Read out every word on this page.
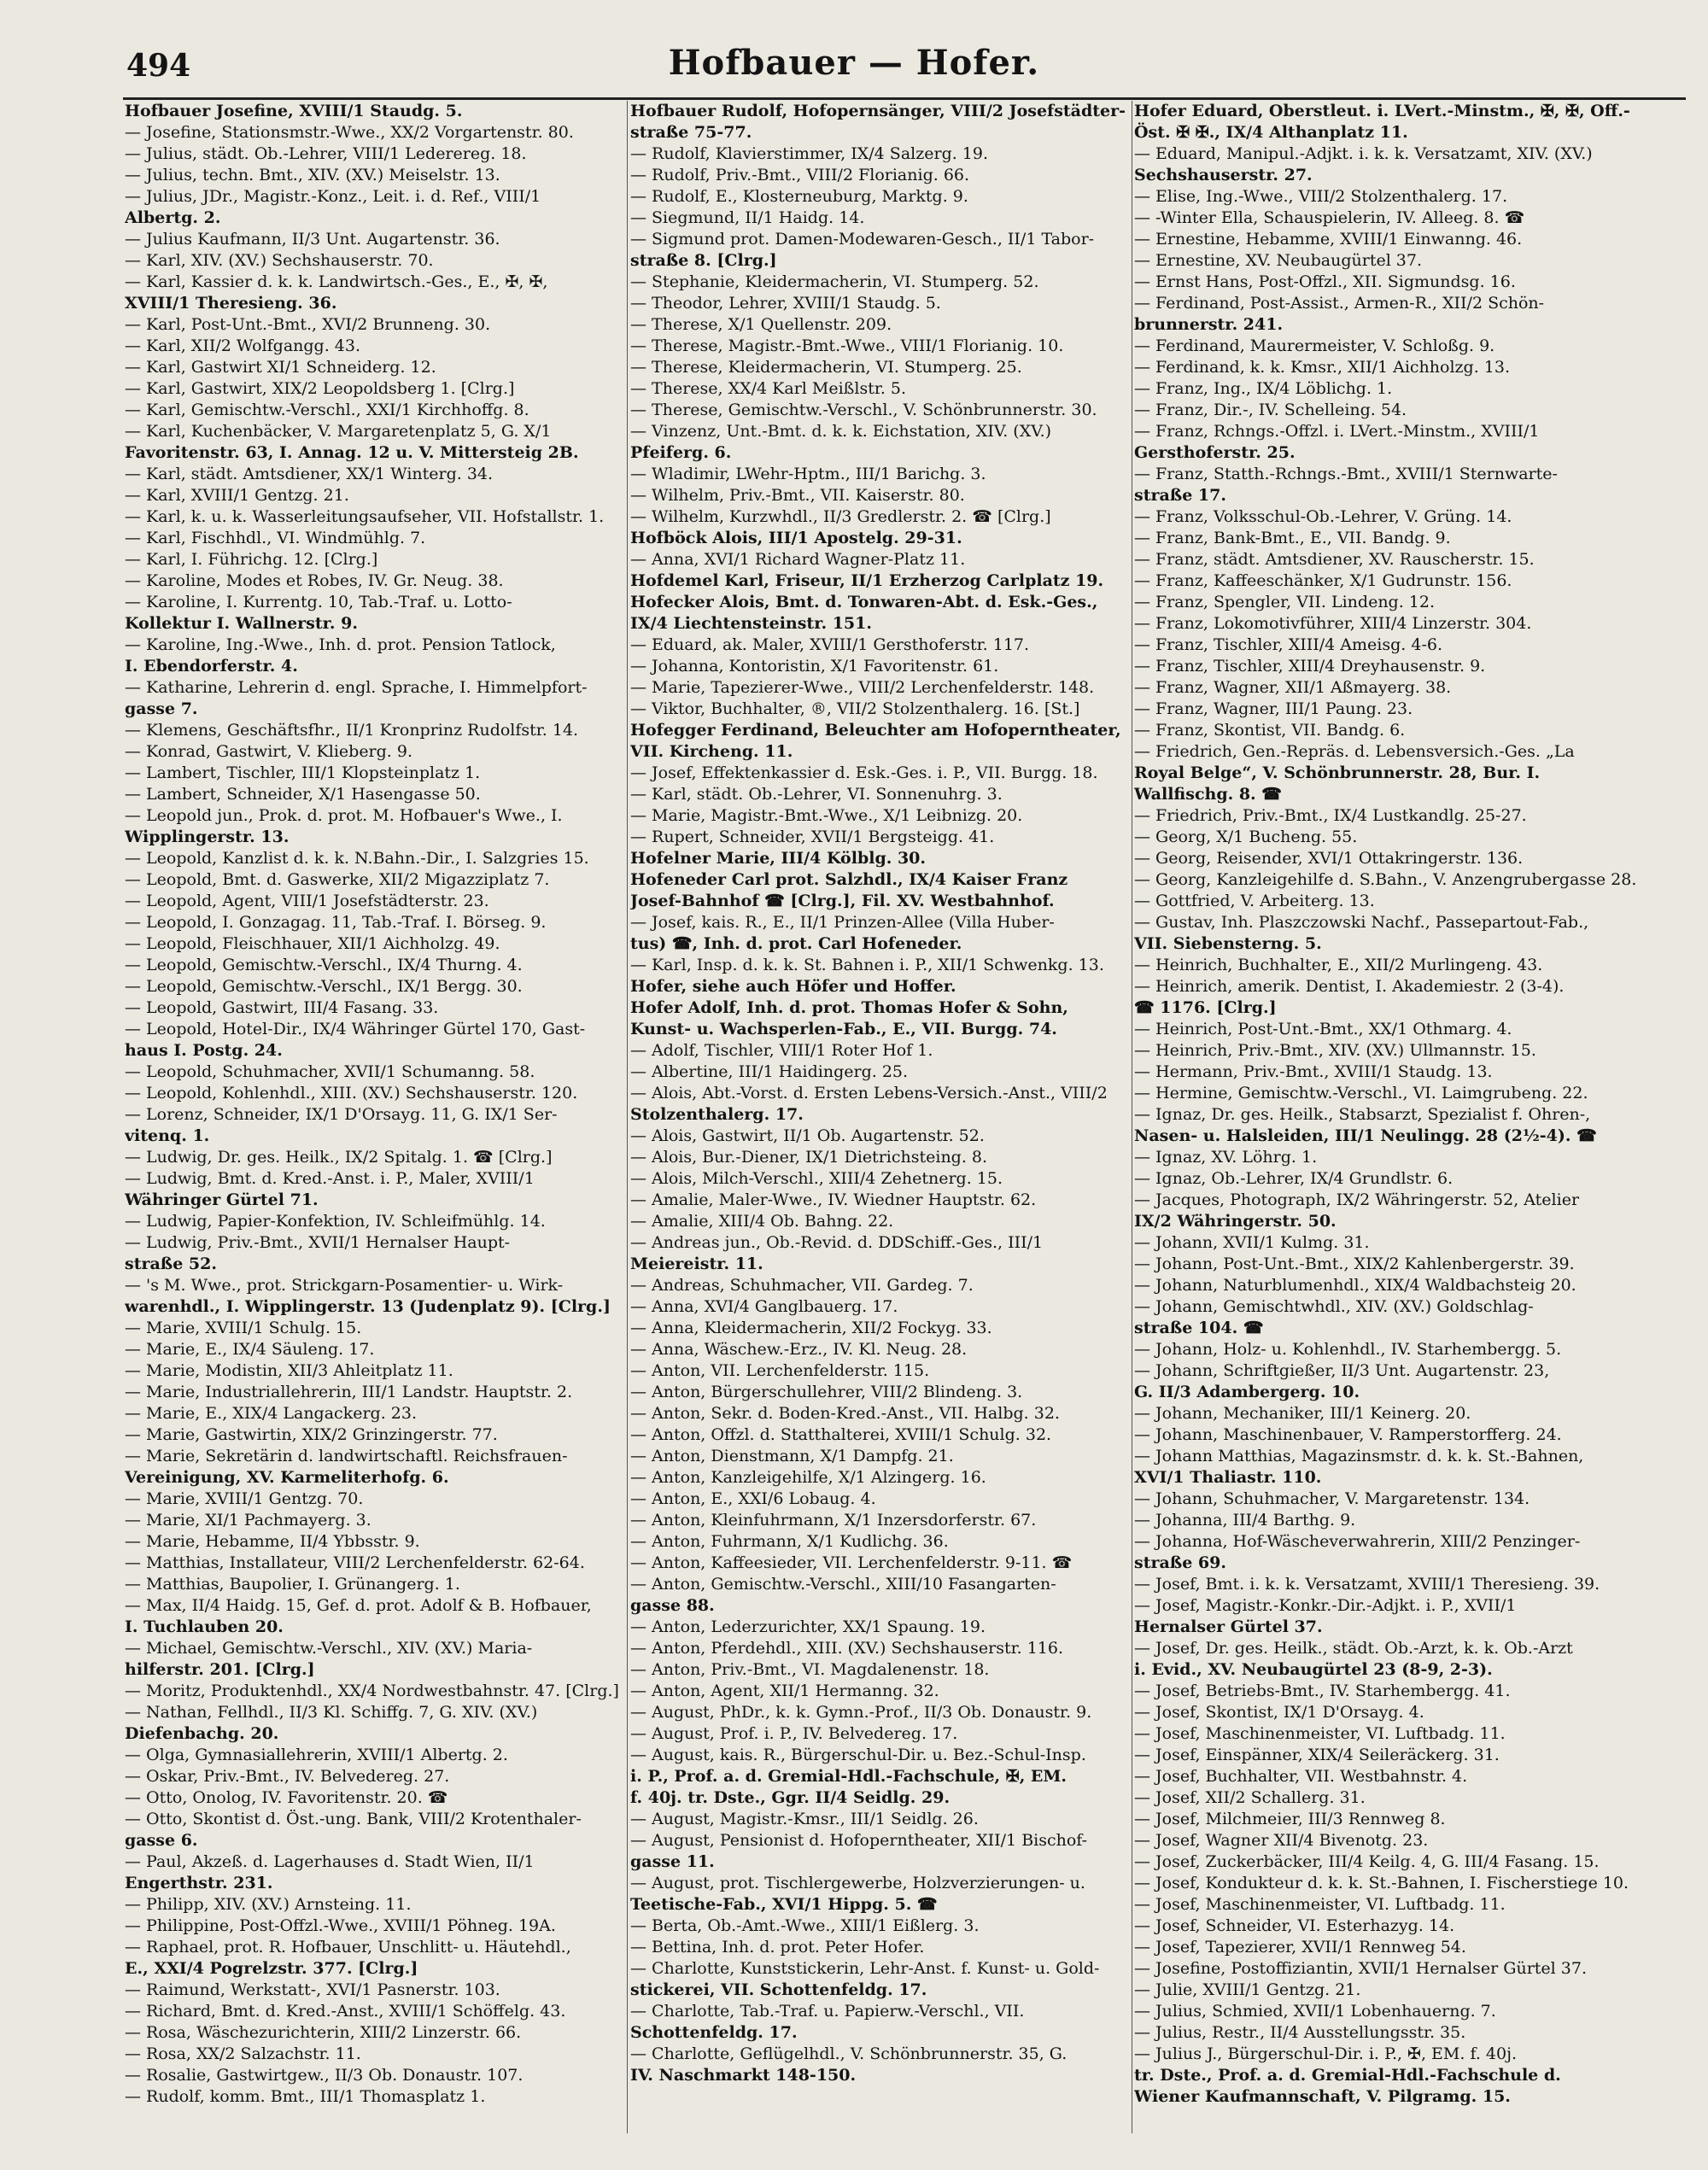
494	Hofbauer — Hofer.
Hofbauer Josefine, XVIII/1 Staudg. 5.
— Josefine, Stationsmstr.-Wwe., XX/2 Vorgartenstr. 80.
— Julius, städt. Ob.-Lehrer, VIII/1 Lederereg. 18.
— Julius, techn. Bmt., XIV. (XV.) Meiselstr. 13.
— Julius, JDr., Magistr.-Konz., Leit. i. d. Ref., VIII/1
Albertg. 2.
— Julius Kaufmann, II/3 Unt. Augartenstr. 36.
— Karl, XIV. (XV.) Sechshauserstr. 70.
— Karl, Kassier d. k. k. Landwirtsch.-Ges., E., ✠, ✠,
XVIII/1 Theresieng. 36.
— Karl, Post-Unt.-Bmt., XVI/2 Brunneng. 30.
— Karl, XII/2 Wolfgangg. 43.
— Karl, Gastwirt XI/1 Schneiderg. 12.
— Karl, Gastwirt, XIX/2 Leopoldsberg 1. [Clrg.]
— Karl, Gemischtw.-Verschl., XXI/1 Kirchhoffg. 8.
— Karl, Kuchenbäcker, V. Margaretenplatz 5, G. X/1
Favoritenstr. 63, I. Annag. 12 u. V. Mittersteig 2B.
— Karl, städt. Amtsdiener, XX/1 Winterg. 34.
— Karl, XVIII/1 Gentzg. 21.
— Karl, k. u. k. Wasserleitungsaufseher, VII. Hofstallstr. 1.
— Karl, Fischhdl., VI. Windmühlg. 7.
— Karl, I. Führichg. 12. [Clrg.]
— Karoline, Modes et Robes, IV. Gr. Neug. 38.
— Karoline, I. Kurrentg. 10, Tab.-Traf. u. Lotto-
Kollektur I. Wallnerstr. 9.
— Karoline, Ing.-Wwe., Inh. d. prot. Pension Tatlock,
I. Ebendorferstr. 4.
— Katharine, Lehrerin d. engl. Sprache, I. Himmelpfort-
gasse 7.
— Klemens, Geschäftsfhr., II/1 Kronprinz Rudolfstr. 14.
— Konrad, Gastwirt, V. Klieberg. 9.
— Lambert, Tischler, III/1 Klopsteinplatz 1.
— Lambert, Schneider, X/1 Hasengasse 50.
— Leopold jun., Prok. d. prot. M. Hofbauer's Wwe., I.
Wipplingerstr. 13.
— Leopold, Kanzlist d. k. k. N.Bahn.-Dir., I. Salzgries 15.
— Leopold, Bmt. d. Gaswerke, XII/2 Migazziplatz 7.
— Leopold, Agent, VIII/1 Josefstädterstr. 23.
— Leopold, I. Gonzagag. 11, Tab.-Traf. I. Börseg. 9.
— Leopold, Fleischhauer, XII/1 Aichholzg. 49.
— Leopold, Gemischtw.-Verschl., IX/4 Thurng. 4.
— Leopold, Gemischtw.-Verschl., IX/1 Bergg. 30.
— Leopold, Gastwirt, III/4 Fasang. 33.
— Leopold, Hotel-Dir., IX/4 Währinger Gürtel 170, Gast-
haus I. Postg. 24.
— Leopold, Schuhmacher, XVII/1 Schumanng. 58.
— Leopold, Kohlenhdl., XIII. (XV.) Sechshauserstr. 120.
— Lorenz, Schneider, IX/1 D'Orsayg. 11, G. IX/1 Ser-
vitenq. 1.
— Ludwig, Dr. ges. Heilk., IX/2 Spitalg. 1. ☎ [Clrg.]
— Ludwig, Bmt. d. Kred.-Anst. i. P., Maler, XVIII/1
Währinger Gürtel 71.
— Ludwig, Papier-Konfektion, IV. Schleifmühlg. 14.
— Ludwig, Priv.-Bmt., XVII/1 Hernalser Haupt-
straße 52.
— 's M. Wwe., prot. Strickgarn-Posamentier- u. Wirk-
warenhdl., I. Wipplingerstr. 13 (Judenplatz 9). [Clrg.]
— Marie, XVIII/1 Schulg. 15.
— Marie, E., IX/4 Säuleng. 17.
— Marie, Modistin, XII/3 Ahleitplatz 11.
— Marie, Industriallehrerin, III/1 Landstr. Hauptstr. 2.
— Marie, E., XIX/4 Langackerg. 23.
— Marie, Gastwirtin, XIX/2 Grinzingerstr. 77.
— Marie, Sekretärin d. landwirtschaftl. Reichsfrauen-
Vereinigung, XV. Karmeliterhofg. 6.
— Marie, XVIII/1 Gentzg. 70.
— Marie, XI/1 Pachmayerg. 3.
— Marie, Hebamme, II/4 Ybbsstr. 9.
— Matthias, Installateur, VIII/2 Lerchenfelderstr. 62-64.
— Matthias, Baupolier, I. Grünangerg. 1.
— Max, II/4 Haidg. 15, Gef. d. prot. Adolf & B. Hofbauer,
I. Tuchlauben 20.
— Michael, Gemischtw.-Verschl., XIV. (XV.) Maria-
hilferstr. 201. [Clrg.]
— Moritz, Produktenhdl., XX/4 Nordwestbahnstr. 47. [Clrg.]
— Nathan, Fellhdl., II/3 Kl. Schiffg. 7, G. XIV. (XV.)
Diefenbachg. 20.
— Olga, Gymnasiallehrerin, XVIII/1 Albertg. 2.
— Oskar, Priv.-Bmt., IV. Belvedereg. 27.
— Otto, Onolog, IV. Favoritenstr. 20. ☎
— Otto, Skontist d. Öst.-ung. Bank, VIII/2 Krotenthaler-
gasse 6.
— Paul, Akzeß. d. Lagerhauses d. Stadt Wien, II/1
Engerthstr. 231.
— Philipp, XIV. (XV.) Arnsteing. 11.
— Philippine, Post-Offzl.-Wwe., XVIII/1 Pöhneg. 19A.
— Raphael, prot. R. Hofbauer, Unschlitt- u. Häutehdl.,
E., XXI/4 Pogrelzstr. 377. [Clrg.]
— Raimund, Werkstatt-, XVI/1 Pasnerstr. 103.
— Richard, Bmt. d. Kred.-Anst., XVIII/1 Schöffelg. 43.
— Rosa, Wäschezurichterin, XIII/2 Linzerstr. 66.
— Rosa, XX/2 Salzachstr. 11.
— Rosalie, Gastwirtgew., II/3 Ob. Donaustr. 107.
— Rudolf, komm. Bmt., III/1 Thomasplatz 1.
Hofbauer Rudolf, Hofopernsänger, VIII/2 Josefstädter-
straße 75-77.
— Rudolf, Klavierstimmer, IX/4 Salzerg. 19.
— Rudolf, Priv.-Bmt., VIII/2 Florianig. 66.
— Rudolf, E., Klosterneuburg, Marktg. 9.
— Siegmund, II/1 Haidg. 14.
— Sigmund prot. Damen-Modewaren-Gesch., II/1 Tabor-
straße 8. [Clrg.]
— Stephanie, Kleidermacherin, VI. Stumperg. 52.
— Theodor, Lehrer, XVIII/1 Staudg. 5.
— Therese, X/1 Quellenstr. 209.
— Therese, Magistr.-Bmt.-Wwe., VIII/1 Florianig. 10.
— Therese, Kleidermacherin, VI. Stumperg. 25.
— Therese, XX/4 Karl Meißlstr. 5.
— Therese, Gemischtw.-Verschl., V. Schönbrunnerstr. 30.
— Vinzenz, Unt.-Bmt. d. k. k. Eichstation, XIV. (XV.)
Pfeiferg. 6.
— Wladimir, LWehr-Hptm., III/1 Barichg. 3.
— Wilhelm, Priv.-Bmt., VII. Kaiserstr. 80.
— Wilhelm, Kurzwhdl., II/3 Gredlerstr. 2. ☎ [Clrg.]
Hofböck Alois, III/1 Apostelg. 29-31.
— Anna, XVI/1 Richard Wagner-Platz 11.
Hofdemel Karl, Friseur, II/1 Erzherzog Carlplatz 19.
Hofecker Alois, Bmt. d. Tonwaren-Abt. d. Esk.-Ges.,
IX/4 Liechtensteinstr. 151.
— Eduard, ak. Maler, XVIII/1 Gersthoferstr. 117.
— Johanna, Kontoristin, X/1 Favoritenstr. 61.
— Marie, Tapezierer-Wwe., VIII/2 Lerchenfelderstr. 148.
— Viktor, Buchhalter, ®, VII/2 Stolzenthalerg. 16. [St.]
Hofegger Ferdinand, Beleuchter am Hofoperntheater,
VII. Kircheng. 11.
— Josef, Effektenkassier d. Esk.-Ges. i. P., VII. Burgg. 18.
— Karl, städt. Ob.-Lehrer, VI. Sonnenuhrg. 3.
— Marie, Magistr.-Bmt.-Wwe., X/1 Leibnizg. 20.
— Rupert, Schneider, XVII/1 Bergsteigg. 41.
Hofelner Marie, III/4 Kölblg. 30.
Hofeneder Carl prot. Salzhdl., IX/4 Kaiser Franz
Josef-Bahnhof ☎ [Clrg.], Fil. XV. Westbahnhof.
— Josef, kais. R., E., II/1 Prinzen-Allee (Villa Huber-
tus) ☎, Inh. d. prot. Carl Hofeneder.
— Karl, Insp. d. k. k. St. Bahnen i. P., XII/1 Schwenkg. 13.
Hofer, siehe auch Höfer und Hoffer.
Hofer Adolf, Inh. d. prot. Thomas Hofer & Sohn,
Kunst- u. Wachsperlen-Fab., E., VII. Burgg. 74.
— Adolf, Tischler, VIII/1 Roter Hof 1.
— Albertine, III/1 Haidingerg. 25.
— Alois, Abt.-Vorst. d. Ersten Lebens-Versich.-Anst., VIII/2
Stolzenthalerg. 17.
— Alois, Gastwirt, II/1 Ob. Augartenstr. 52.
— Alois, Bur.-Diener, IX/1 Dietrichsteing. 8.
— Alois, Milch-Verschl., XIII/4 Zehetnerg. 15.
— Amalie, Maler-Wwe., IV. Wiedner Hauptstr. 62.
— Amalie, XIII/4 Ob. Bahng. 22.
— Andreas jun., Ob.-Revid. d. DDSchiff.-Ges., III/1
Meiereistr. 11.
— Andreas, Schuhmacher, VII. Gardeg. 7.
— Anna, XVI/4 Ganglbauerg. 17.
— Anna, Kleidermacherin, XII/2 Fockyg. 33.
— Anna, Wäschew.-Erz., IV. Kl. Neug. 28.
— Anton, VII. Lerchenfelderstr. 115.
— Anton, Bürgerschullehrer, VIII/2 Blindeng. 3.
— Anton, Sekr. d. Boden-Kred.-Anst., VII. Halbg. 32.
— Anton, Offzl. d. Statthalterei, XVIII/1 Schulg. 32.
— Anton, Dienstmann, X/1 Dampfg. 21.
— Anton, Kanzleigehilfe, X/1 Alzingerg. 16.
— Anton, E., XXI/6 Lobaug. 4.
— Anton, Kleinfuhrmann, X/1 Inzersdorferstr. 67.
— Anton, Fuhrmann, X/1 Kudlichg. 36.
— Anton, Kaffeesieder, VII. Lerchenfelderstr. 9-11. ☎
— Anton, Gemischtw.-Verschl., XIII/10 Fasangarten-
gasse 88.
— Anton, Lederzurichter, XX/1 Spaung. 19.
— Anton, Pferdehdl., XIII. (XV.) Sechshauserstr. 116.
— Anton, Priv.-Bmt., VI. Magdalenenstr. 18.
— Anton, Agent, XII/1 Hermanng. 32.
— August, PhDr., k. k. Gymn.-Prof., II/3 Ob. Donaustr. 9.
— August, Prof. i. P., IV. Belvedereg. 17.
— August, kais. R., Bürgerschul-Dir. u. Bez.-Schul-Insp.
i. P., Prof. a. d. Gremial-Hdl.-Fachschule, ✠, EM.
f. 40j. tr. Dste., Ggr. II/4 Seidlg. 29.
— August, Magistr.-Kmsr., III/1 Seidlg. 26.
— August, Pensionist d. Hofoperntheater, XII/1 Bischof-
gasse 11.
— August, prot. Tischlergewerbe, Holzverzierungen- u.
Teetische-Fab., XVI/1 Hippg. 5. ☎
— Berta, Ob.-Amt.-Wwe., XIII/1 Eißlerg. 3.
— Bettina, Inh. d. prot. Peter Hofer.
— Charlotte, Kunststickerin, Lehr-Anst. f. Kunst- u. Gold-
stickerei, VII. Schottenfeldg. 17.
— Charlotte, Tab.-Traf. u. Papierw.-Verschl., VII.
Schottenfeldg. 17.
— Charlotte, Geflügelhdl., V. Schönbrunnerstr. 35, G.
IV. Naschmarkt 148-150.
Hofer Eduard, Oberstleut. i. LVert.-Minstm., ✠, ✠, Off.-
Öst. ✠ ✠., IX/4 Althanplatz 11.
— Eduard, Manipul.-Adjkt. i. k. k. Versatzamt, XIV. (XV.)
Sechshauserstr. 27.
— Elise, Ing.-Wwe., VIII/2 Stolzenthalerg. 17.
— -Winter Ella, Schauspielerin, IV. Alleeg. 8. ☎
— Ernestine, Hebamme, XVIII/1 Einwanng. 46.
— Ernestine, XV. Neubaugürtel 37.
— Ernst Hans, Post-Offzl., XII. Sigmundsg. 16.
— Ferdinand, Post-Assist., Armen-R., XII/2 Schön-
brunnerstr. 241.
— Ferdinand, Maurermeister, V. Schloßg. 9.
— Ferdinand, k. k. Kmsr., XII/1 Aichholzg. 13.
— Franz, Ing., IX/4 Löblichg. 1.
— Franz, Dir.-, IV. Schelleing. 54.
— Franz, Rchngs.-Offzl. i. LVert.-Minstm., XVIII/1
Gersthoferstr. 25.
— Franz, Statth.-Rchngs.-Bmt., XVIII/1 Sternwarte-
straße 17.
— Franz, Volksschul-Ob.-Lehrer, V. Grüng. 14.
— Franz, Bank-Bmt., E., VII. Bandg. 9.
— Franz, städt. Amtsdiener, XV. Rauscherstr. 15.
— Franz, Kaffeeschänker, X/1 Gudrunstr. 156.
— Franz, Spengler, VII. Lindeng. 12.
— Franz, Lokomotivführer, XIII/4 Linzerstr. 304.
— Franz, Tischler, XIII/4 Ameisg. 4-6.
— Franz, Tischler, XIII/4 Dreyhausenstr. 9.
— Franz, Wagner, XII/1 Aßmayerg. 38.
— Franz, Wagner, III/1 Paung. 23.
— Franz, Skontist, VII. Bandg. 6.
— Friedrich, Gen.-Repräs. d. Lebensversich.-Ges. „La
Royal Belge“, V. Schönbrunnerstr. 28, Bur. I.
Wallfischg. 8. ☎
— Friedrich, Priv.-Bmt., IX/4 Lustkandlg. 25-27.
— Georg, X/1 Bucheng. 55.
— Georg, Reisender, XVI/1 Ottakringerstr. 136.
— Georg, Kanzleigehilfe d. S.Bahn., V. Anzengrubergasse 28.
— Gottfried, V. Arbeiterg. 13.
— Gustav, Inh. Plaszczowski Nachf., Passepartout-Fab.,
VII. Siebensterng. 5.
— Heinrich, Buchhalter, E., XII/2 Murlingeng. 43.
— Heinrich, amerik. Dentist, I. Akademiestr. 2 (3-4).
☎ 1176. [Clrg.]
— Heinrich, Post-Unt.-Bmt., XX/1 Othmarg. 4.
— Heinrich, Priv.-Bmt., XIV. (XV.) Ullmannstr. 15.
— Hermann, Priv.-Bmt., XVIII/1 Staudg. 13.
— Hermine, Gemischtw.-Verschl., VI. Laimgrubeng. 22.
— Ignaz, Dr. ges. Heilk., Stabsarzt, Spezialist f. Ohren-,
Nasen- u. Halsleiden, III/1 Neulingg. 28 (2½-4). ☎
— Ignaz, XV. Löhrg. 1.
— Ignaz, Ob.-Lehrer, IX/4 Grundlstr. 6.
— Jacques, Photograph, IX/2 Währingerstr. 52, Atelier
IX/2 Währingerstr. 50.
— Johann, XVII/1 Kulmg. 31.
— Johann, Post-Unt.-Bmt., XIX/2 Kahlenbergerstr. 39.
— Johann, Naturblumenhdl., XIX/4 Waldbachsteig 20.
— Johann, Gemischtwhdl., XIV. (XV.) Goldschlag-
straße 104. ☎
— Johann, Holz- u. Kohlenhdl., IV. Starhembergg. 5.
— Johann, Schriftgießer, II/3 Unt. Augartenstr. 23,
G. II/3 Adambergerg. 10.
— Johann, Mechaniker, III/1 Keinerg. 20.
— Johann, Maschinenbauer, V. Ramperstorfferg. 24.
— Johann Matthias, Magazinsmstr. d. k. k. St.-Bahnen,
XVI/1 Thaliastr. 110.
— Johann, Schuhmacher, V. Margaretenstr. 134.
— Johanna, III/4 Barthg. 9.
— Johanna, Hof-Wäscheverwahrerin, XIII/2 Penzinger-
straße 69.
— Josef, Bmt. i. k. k. Versatzamt, XVIII/1 Theresieng. 39.
— Josef, Magistr.-Konkr.-Dir.-Adjkt. i. P., XVII/1
Hernalser Gürtel 37.
— Josef, Dr. ges. Heilk., städt. Ob.-Arzt, k. k. Ob.-Arzt
i. Evid., XV. Neubaugürtel 23 (8-9, 2-3).
— Josef, Betriebs-Bmt., IV. Starhembergg. 41.
— Josef, Skontist, IX/1 D'Orsayg. 4.
— Josef, Maschinenmeister, VI. Luftbadg. 11.
— Josef, Einspänner, XIX/4 Seileräckerg. 31.
— Josef, Buchhalter, VII. Westbahnstr. 4.
— Josef, XII/2 Schallerg. 31.
— Josef, Milchmeier, III/3 Rennweg 8.
— Josef, Wagner XII/4 Bivenotg. 23.
— Josef, Zuckerbäcker, III/4 Keilg. 4, G. III/4 Fasang. 15.
— Josef, Kondukteur d. k. k. St.-Bahnen, I. Fischerstiege 10.
— Josef, Maschinenmeister, VI. Luftbadg. 11.
— Josef, Schneider, VI. Esterhazyg. 14.
— Josef, Tapezierer, XVII/1 Rennweg 54.
— Josefine, Postoffiziantin, XVII/1 Hernalser Gürtel 37.
— Julie, XVIII/1 Gentzg. 21.
— Julius, Schmied, XVII/1 Lobenhauerng. 7.
— Julius, Restr., II/4 Ausstellungsstr. 35.
— Julius J., Bürgerschul-Dir. i. P., ✠, EM. f. 40j.
tr. Dste., Prof. a. d. Gremial-Hdl.-Fachschule d.
Wiener Kaufmannschaft, V. Pilgramg. 15.
